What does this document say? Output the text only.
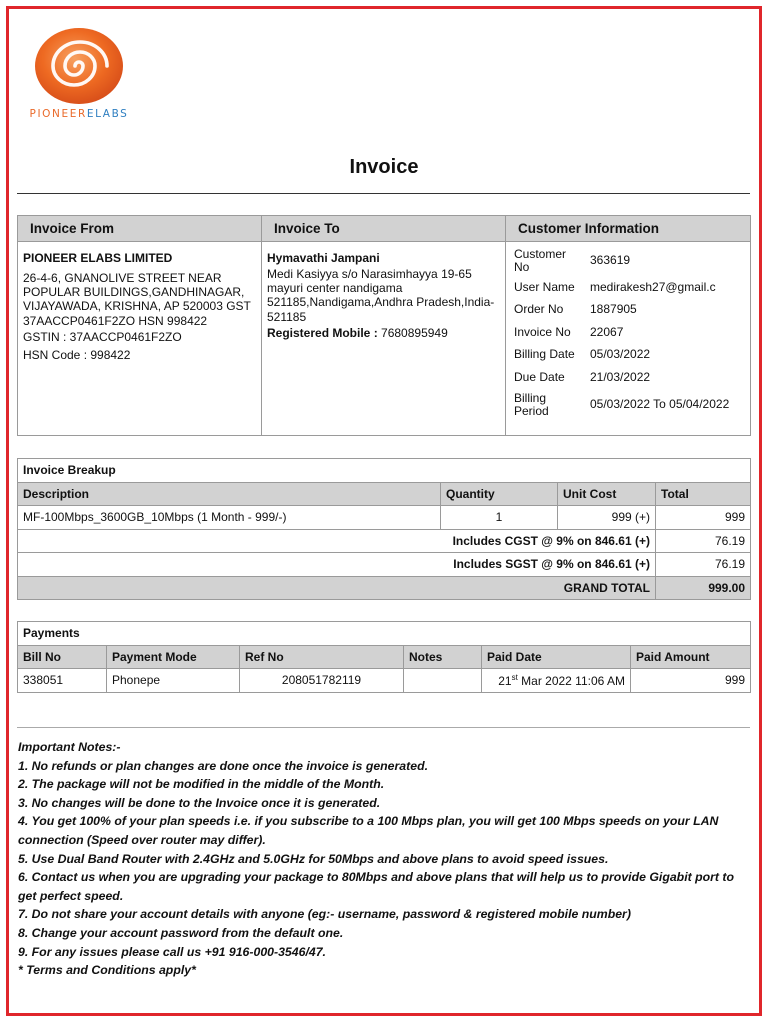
PIONEERELABS
Invoice
Invoice From	Invoice To	Customer Information

PIONEER ELABS LIMITED
26-4-6, GNANOLIVE STREET NEAR POPULAR BUILDINGS,GANDHINAGAR, VIJAYAWADA, KRISHNA, AP 520003 GST 37AACCP0461F2ZO HSN 998422
GSTIN : 37AACCP0461F2ZO
HSN Code : 998422

Hymavathi Jampani
Medi Kasiyya s/o Narasimhayya 19-65 mayuri center nandigama 521185,Nandigama,Andhra Pradesh,India-521185
Registered Mobile : 7680895949

Customer No	363619
User Name	medirakesh27@gmail.c
Order No	1887905
Invoice No	22067
Billing Date	05/03/2022
Due Date	21/03/2022
Billing Period	05/03/2022 To 05/04/2022
Invoice Breakup			
Description	Quantity	Unit Cost	Total
MF-100Mbps_3600GB_10Mbps (1 Month - 999/-)	1	999 (+)	999
Includes CGST @ 9% on 846.61 (+)			76.19
Includes SGST @ 9% on 846.61 (+)			76.19
GRAND TOTAL			999.00
Payments					
Bill No	Payment Mode	Ref No	Notes	Paid Date	Paid Amount
338051	Phonepe	208051782119		21st Mar 2022 11:06 AM	999
Important Notes:-
1. No refunds or plan changes are done once the invoice is generated.
2. The package will not be modified in the middle of the Month.
3. No changes will be done to the Invoice once it is generated.
4. You get 100% of your plan speeds i.e. if you subscribe to a 100 Mbps plan, you will get 100 Mbps speeds on your LAN connection (Speed over router may differ).
5. Use Dual Band Router with 2.4GHz and 5.0GHz for 50Mbps and above plans to avoid speed issues.
6. Contact us when you are upgrading your package to 80Mbps and above plans that will help us to provide Gigabit port to get perfect speed.
7. Do not share your account details with anyone (eg:- username, password & registered mobile number)
8. Change your account password from the default one.
9. For any issues please call us +91 916-000-3546/47.
* Terms and Conditions apply*
